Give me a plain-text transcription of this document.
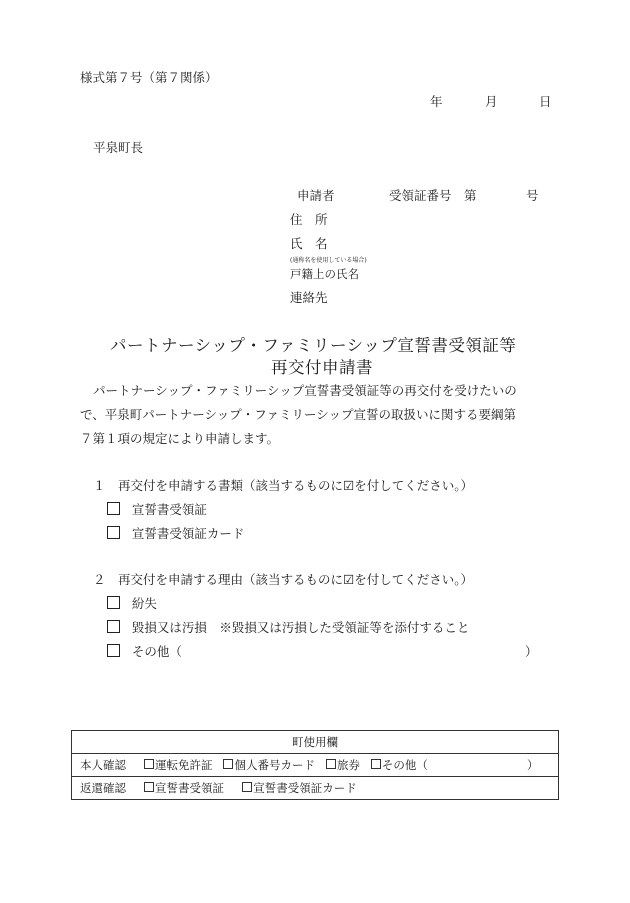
様式第７号（第７関係）
年	月	日
平泉町長
申請者	受領証番号　第	号
住　所
氏　名
(通称名を使用している場合)
戸籍上の氏名
連絡先
パートナーシップ・ファミリーシップ宣誓書受領証等
再交付申請書
パートナーシップ・ファミリーシップ宣誓書受領証等の再交付を受けたいの
で、平泉町パートナーシップ・ファミリーシップ宣誓の取扱いに関する要綱第
７第１項の規定により申請します。
１　再交付を申請する書類（該当するものに☑を付してください。）
宣誓書受領証
宣誓書受領証カード
２　再交付を申請する理由（該当するものに☑を付してください。）
紛失
毀損又は汚損　※毀損又は汚損した受領証等を添付すること
その他（	）
町使用欄	
本人確認	運転免許証 個人番号カード 旅券 その他（ ）

返還確認	宣誓書受領証 宣誓書受領証カード
